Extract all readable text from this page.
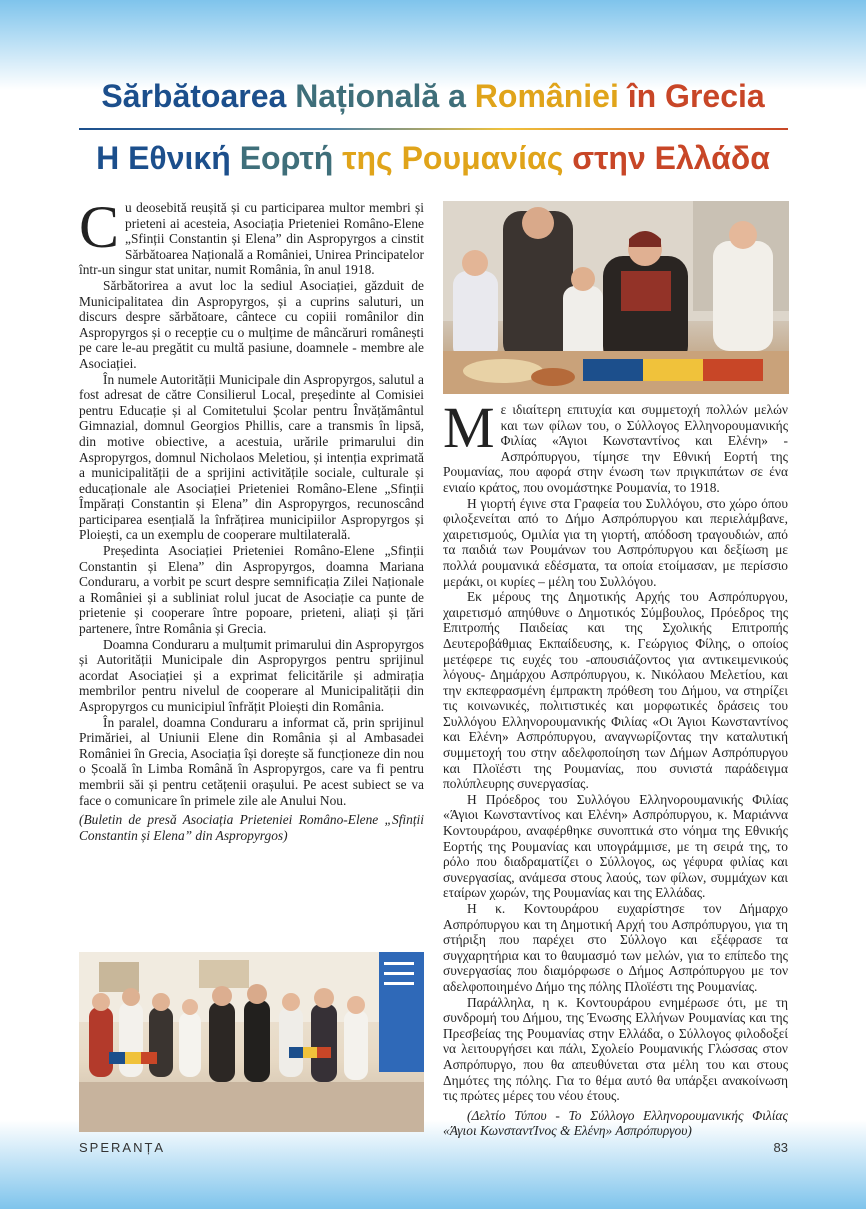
Sărbătoarea Națională a României în Grecia
Η Εθνική Εορτή της Ρουμανίας στην Ελλάδα

Cu deosebită reușită și cu participarea multor membri și prieteni ai acesteia, Asociația Prieteniei Româno-Elene „Sfinții Constantin și Elena” din Aspropyrgos a cinstit Sărbătoarea Națională a României, Unirea Principatelor într-un singur stat unitar, numit România, în anul 1918.

Sărbătorirea a avut loc la sediul Asociației, găzduit de Municipalitatea din Aspropyrgos, și a cuprins saluturi, un discurs despre sărbătoare, cântece cu copiii românilor din Aspropyrgos și o recepție cu o mulțime de mâncăruri românești pe care le-au pregătit cu multă pasiune, doamnele - membre ale Asociației.

În numele Autorității Municipale din Aspropyrgos, salutul a fost adresat de către Consilierul Local, președinte al Comisiei pentru Educație și al Comitetului Școlar pentru Învățământul Gimnazial, domnul Georgios Phillis, care a transmis în lipsă, din motive obiective, a acestuia, urările primarului din Aspropyrgos, domnul Nicholaos Meletiou, și intenția exprimată a municipalității de a sprijini activitățile sociale, culturale și educaționale ale Asociației Prieteniei Româno-Elene „Sfinții Împărați Constantin și Elena” din Aspropyrgos, recunoscând participarea esențială la înfrățirea municipiilor Aspropyrgos și Ploiești, ca un exemplu de cooperare multilaterală.

Președinta Asociației Prieteniei Româno-Elene „Sfinții Constantin și Elena” din Aspropyrgos, doamna Mariana Conduraru, a vorbit pe scurt despre semnificația Zilei Naționale a României și a subliniat rolul jucat de Asociație ca punte de prietenie și cooperare între popoare, prieteni, aliați și țări partenere, între România și Grecia.

Doamna Conduraru a mulțumit primarului din Aspropyrgos și Autorității Municipale din Aspropyrgos pentru sprijinul acordat Asociației și a exprimat felicitările și admirația membrilor pentru nivelul de cooperare al Municipalității din Aspropyrgos cu municipiul înfrățit Ploiești din România.

În paralel, doamna Conduraru a informat că, prin sprijinul Primăriei, al Uniunii Elene din România și al Ambasadei României în Grecia, Asociația își dorește să funcționeze din nou o Școală în Limba Română în Aspropyrgos, care va fi pentru membrii săi și pentru cetățenii orașului. Pe acest subiect se va face o comunicare în primele zile ale Anului Nou.

(Buletin de presă Asociația Prieteniei Româno-Elene „Sfinții Constantin și Elena” din Aspropyrgos)

Με ιδιαίτερη επιτυχία και συμμετοχή πολλών μελών και των φίλων του, ο Σύλλογος Ελληνορουμανικής Φιλίας «Άγιοι Κωνσταντίνος και Ελένη» - Ασπρόπυργου, τίμησε την Εθνική Εορτή της Ρουμανίας, που αφορά στην ένωση των πριγκιπάτων σε ένα ενιαίο κράτος, που ονομάστηκε Ρουμανία, το 1918.

Η γιορτή έγινε στα Γραφεία του Συλλόγου, στο χώρο όπου φιλοξενείται από το Δήμο Ασπρόπυργου και περιελάμβανε, χαιρετισμούς, Ομιλία για τη γιορτή, απόδοση τραγουδιών, από τα παιδιά των Ρουμάνων του Ασπρόπυργου και δεξίωση με πολλά ρουμανικά εδέσματα, τα οποία ετοίμασαν, με περίσσιο μεράκι, οι κυρίες – μέλη του Συλλόγου.

Εκ μέρους της Δημοτικής Αρχής του Ασπρόπυργου, χαιρετισμό απηύθυνε ο Δημοτικός Σύμβουλος, Πρόεδρος της Επιτροπής Παιδείας και της Σχολικής Επιτροπής Δευτεροβάθμιας Εκπαίδευσης, κ. Γεώργιος Φίλης, ο οποίος μετέφερε τις ευχές του -απουσιάζοντος για αντικειμενικούς λόγους- Δημάρχου Ασπρόπυργου, κ. Νικόλαου Μελετίου, και την εκπεφρασμένη έμπρακτη πρόθεση του Δήμου, να στηρίζει τις κοινωνικές, πολιτιστικές και μορφωτικές δράσεις του Συλλόγου Ελληνορουμανικής Φιλίας «Οι Άγιοι Κωνσταντίνος και Ελένη» Ασπρόπυργου, αναγνωρίζοντας την καταλυτική συμμετοχή του στην αδελφοποίηση των Δήμων Ασπρόπυργου και Πλοϊέστι της Ρουμανίας, που συνιστά παράδειγμα πολύπλευρης συνεργασίας.

Η Πρόεδρος του Συλλόγου Ελληνορουμανικής Φιλίας «Άγιοι Κωνσταντίνος και Ελένη» Ασπρόπυργου, κ. Μαριάννα Κοντουράρου, αναφέρθηκε συνοπτικά στο νόημα της Εθνικής Εορτής της Ρουμανίας και υπογράμμισε, με τη σειρά της, το ρόλο που διαδραματίζει ο Σύλλογος, ως γέφυρα φιλίας και συνεργασίας, ανάμεσα στους λαούς, των φίλων, συμμάχων και εταίρων χωρών, της Ρουμανίας και της Ελλάδας.

Η κ. Κοντουράρου ευχαρίστησε τον Δήμαρχο Ασπρόπυργου και τη Δημοτική Αρχή του Ασπρόπυργου, για τη στήριξη που παρέχει στο Σύλλογο και εξέφρασε τα συγχαρητήρια και το θαυμασμό των μελών, για το επίπεδο της συνεργασίας που διαμόρφωσε ο Δήμος Ασπρόπυργου με τον αδελφοποιημένο Δήμο της πόλης Πλοϊέστι της Ρουμανίας.

Παράλληλα, η κ. Κοντουράρου ενημέρωσε ότι, με τη συνδρομή του Δήμου, της Ένωσης Ελλήνων Ρουμανίας και της Πρεσβείας της Ρουμανίας στην Ελλάδα, ο Σύλλογος φιλοδοξεί να λειτουργήσει και πάλι, Σχολείο Ρουμανικής Γλώσσας στον Ασπρόπυργο, που θα απευθύνεται στα μέλη του και στους Δημότες της πόλης. Για το θέμα αυτό θα υπάρξει ανακοίνωση τις πρώτες μέρες του νέου έτους.

(Δελτίο Τύπου - Το Σύλλογο Ελληνορουμανικής Φιλίας «Άγιοι ΚωνσταντΊνος & Ελένη» Ασπρόπυργου)

SPERANȚA	83
